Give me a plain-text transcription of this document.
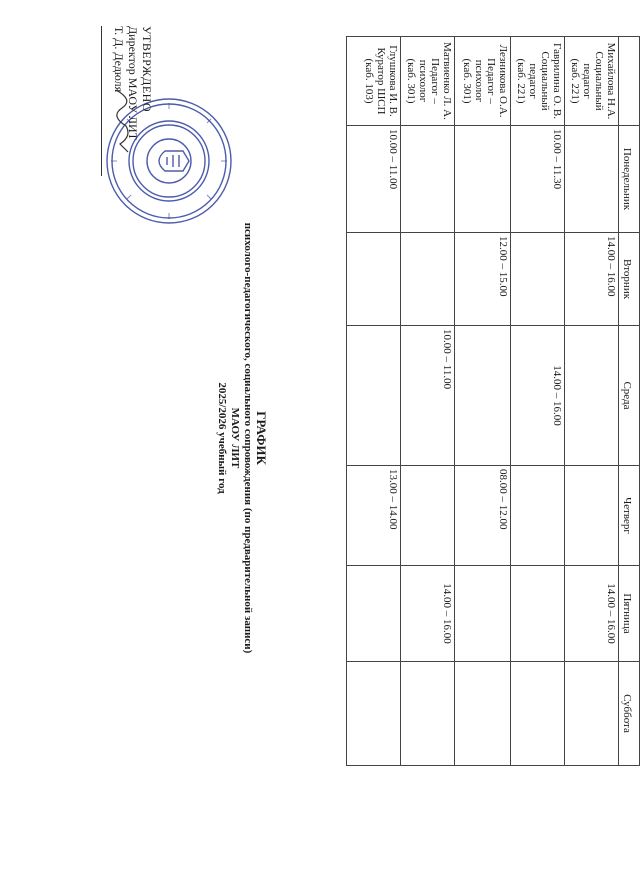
	Понедельник	Вторник	Среда	Четверг	Пятница	Суббота

Михайлова Н.А.
Социальный педагог
(каб. 221)		14.00 – 16.00			14.00 – 16.00	

Гаврилина О. В.
Социальный педагог
(каб. 221)	10.00 – 11.30		14.00 – 16.00			

Лезникова О.А.
Педагог –психолог
(каб. 301)		12.00 – 15.00		08.00 – 12.00		

Матвиенко Л. А.
Педагог – психолог
(каб. 301)			10.00 – 11.00		14.00 – 16.00	

Глушкова И. В.
Куратор ШСП
(каб. 103)	10.00 – 11.00			13.00 – 14.00		
ГРАФИК
психолого-педагогического, социального сопровождения (по предварительной записи)
МАОУ ЛИТ
2025/2026 учебный год
УТВЕРЖДЕНО
Директор МАОУ ЛИТ
Т. Д. Дедюля
